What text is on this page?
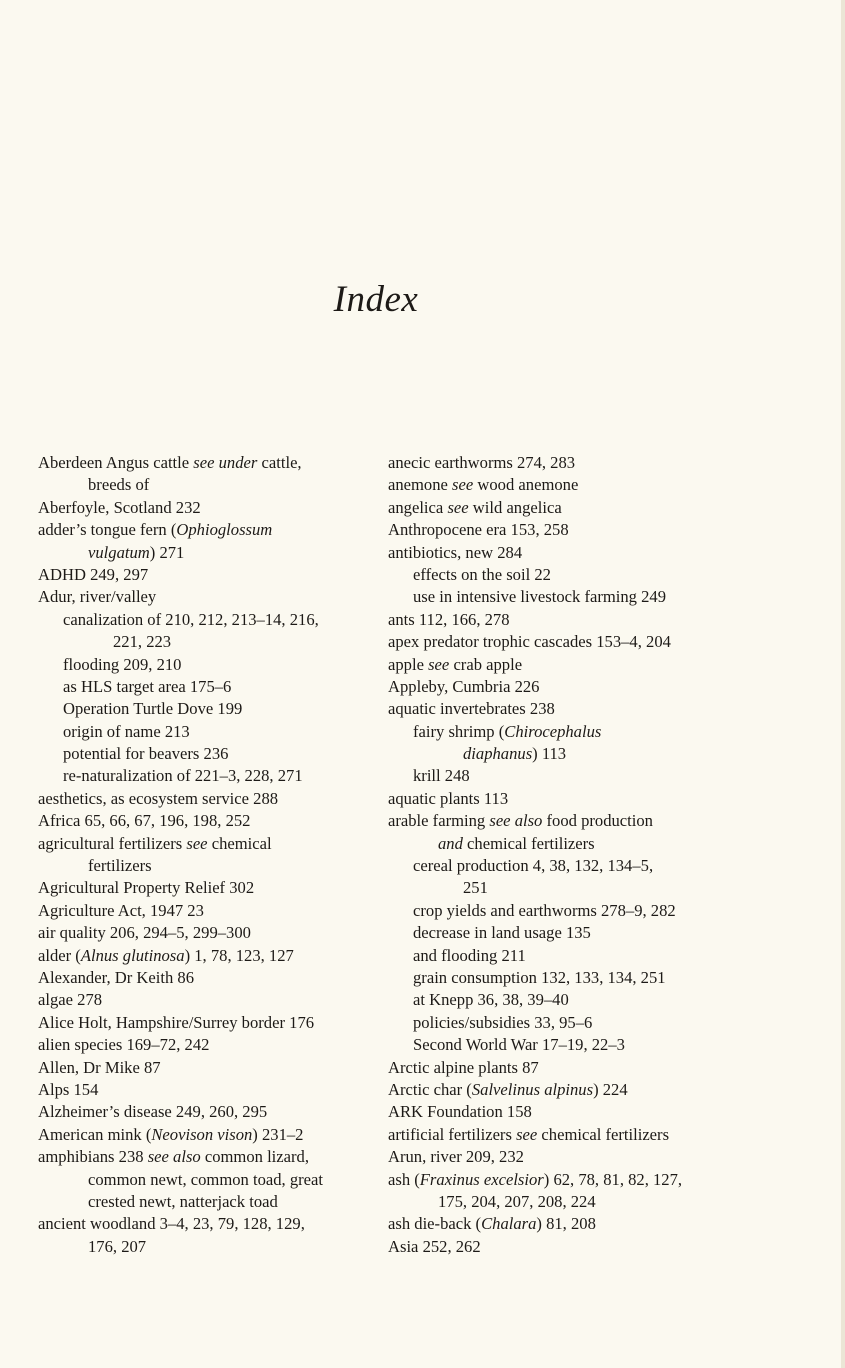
Index
Aberdeen Angus cattle see under cattle,
breeds of
Aberfoyle, Scotland 232
adder’s tongue fern (Ophioglossum
vulgatum) 271
ADHD 249, 297
Adur, river/valley
canalization of 210, 212, 213–14, 216,
221, 223
flooding 209, 210
as HLS target area 175–6
Operation Turtle Dove 199
origin of name 213
potential for beavers 236
re-naturalization of 221–3, 228, 271
aesthetics, as ecosystem service 288
Africa 65, 66, 67, 196, 198, 252
agricultural fertilizers see chemical
fertilizers
Agricultural Property Relief 302
Agriculture Act, 1947 23
air quality 206, 294–5, 299–300
alder (Alnus glutinosa) 1, 78, 123, 127
Alexander, Dr Keith 86
algae 278
Alice Holt, Hampshire/Surrey border 176
alien species 169–72, 242
Allen, Dr Mike 87
Alps 154
Alzheimer’s disease 249, 260, 295
American mink (Neovison vison) 231–2
amphibians 238 see also common lizard,
common newt, common toad, great
crested newt, natterjack toad
ancient woodland 3–4, 23, 79, 128, 129,
176, 207
anecic earthworms 274, 283
anemone see wood anemone
angelica see wild angelica
Anthropocene era 153, 258
antibiotics, new 284
effects on the soil 22
use in intensive livestock farming 249
ants 112, 166, 278
apex predator trophic cascades 153–4, 204
apple see crab apple
Appleby, Cumbria 226
aquatic invertebrates 238
fairy shrimp (Chirocephalus
diaphanus) 113
krill 248
aquatic plants 113
arable farming see also food production
and chemical fertilizers
cereal production 4, 38, 132, 134–5,
251
crop yields and earthworms 278–9, 282
decrease in land usage 135
and flooding 211
grain consumption 132, 133, 134, 251
at Knepp 36, 38, 39–40
policies/subsidies 33, 95–6
Second World War 17–19, 22–3
Arctic alpine plants 87
Arctic char (Salvelinus alpinus) 224
ARK Foundation 158
artificial fertilizers see chemical fertilizers
Arun, river 209, 232
ash (Fraxinus excelsior) 62, 78, 81, 82, 127,
175, 204, 207, 208, 224
ash die-back (Chalara) 81, 208
Asia 252, 262
